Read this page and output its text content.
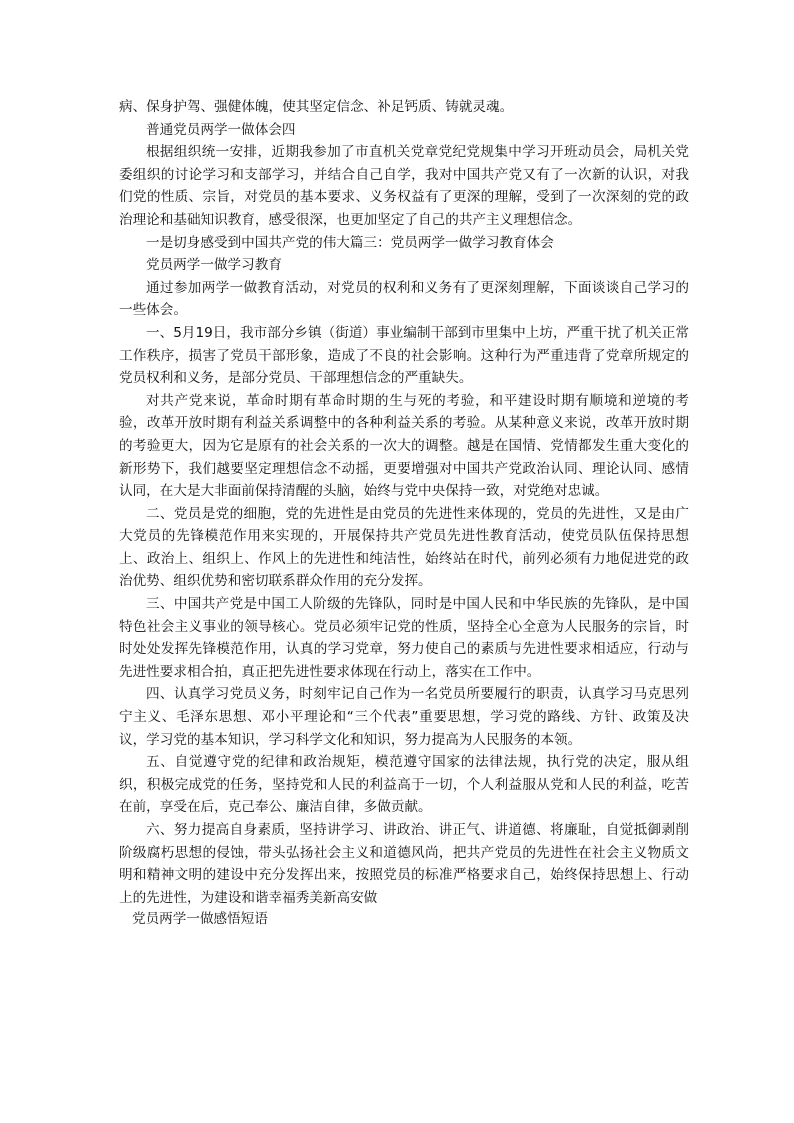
病、保身护驾、强健体魄，使其坚定信念、补足钙质、铸就灵魂。

普通党员两学一做体会四

根据组织统一安排，近期我参加了市直机关党章党纪党规集中学习开班动员会，局机关党委组织的讨论学习和支部学习，并结合自己自学，我对中国共产党又有了一次新的认识，对我们党的性质、宗旨，对党员的基本要求、义务权益有了更深的理解，受到了一次深刻的党的政治理论和基础知识教育，感受很深，也更加坚定了自己的共产主义理想信念。

一是切身感受到中国共产党的伟大篇三：党员两学一做学习教育体会

党员两学一做学习教育

通过参加两学一做教育活动，对党员的权利和义务有了更深刻理解，下面谈谈自己学习的一些体会。

一、5月19日，我市部分乡镇（街道）事业编制干部到市里集中上坊，严重干扰了机关正常工作秩序，损害了党员干部形象，造成了不良的社会影响。这种行为严重违背了党章所规定的党员权利和义务，是部分党员、干部理想信念的严重缺失。

对共产党来说，革命时期有革命时期的生与死的考验，和平建设时期有顺境和逆境的考验，改革开放时期有利益关系调整中的各种利益关系的考验。从某种意义来说，改革开放时期的考验更大，因为它是原有的社会关系的一次大的调整。越是在国情、党情都发生重大变化的新形势下，我们越要坚定理想信念不动摇，更要增强对中国共产党政治认同、理论认同、感情认同，在大是大非面前保持清醒的头脑，始终与党中央保持一致，对党绝对忠诚。

二、党员是党的细胞，党的先进性是由党员的先进性来体现的，党员的先进性，又是由广大党员的先锋模范作用来实现的，开展保持共产党员先进性教育活动，使党员队伍保持思想上、政治上、组织上、作风上的先进性和纯洁性，始终站在时代，前列必须有力地促进党的政治优势、组织优势和密切联系群众作用的充分发挥。

三、中国共产党是中国工人阶级的先锋队，同时是中国人民和中华民族的先锋队，是中国特色社会主义事业的领导核心。党员必须牢记党的性质，坚持全心全意为人民服务的宗旨，时时处处发挥先锋模范作用，认真的学习党章，努力使自己的素质与先进性要求相适应，行动与先进性要求相合拍，真正把先进性要求体现在行动上，落实在工作中。

四、认真学习党员义务，时刻牢记自己作为一名党员所要履行的职责，认真学习马克思列宁主义、毛泽东思想、邓小平理论和“三个代表”重要思想，学习党的路线、方针、政策及决议，学习党的基本知识，学习科学文化和知识，努力提高为人民服务的本领。

五、自觉遵守党的纪律和政治规矩，模范遵守国家的法律法规，执行党的决定，服从组织，积极完成党的任务，坚持党和人民的利益高于一切，个人利益服从党和人民的利益，吃苦在前，享受在后，克己奉公、廉洁自律，多做贡献。

六、努力提高自身素质，坚持讲学习、讲政治、讲正气、讲道德、将廉耻，自觉抵御剥削阶级腐朽思想的侵蚀，带头弘扬社会主义和道德风尚，把共产党员的先进性在社会主义物质文明和精神文明的建设中充分发挥出来，按照党员的标准严格要求自己，始终保持思想上、行动上的先进性，为建设和谐幸福秀美新高安做

党员两学一做感悟短语
